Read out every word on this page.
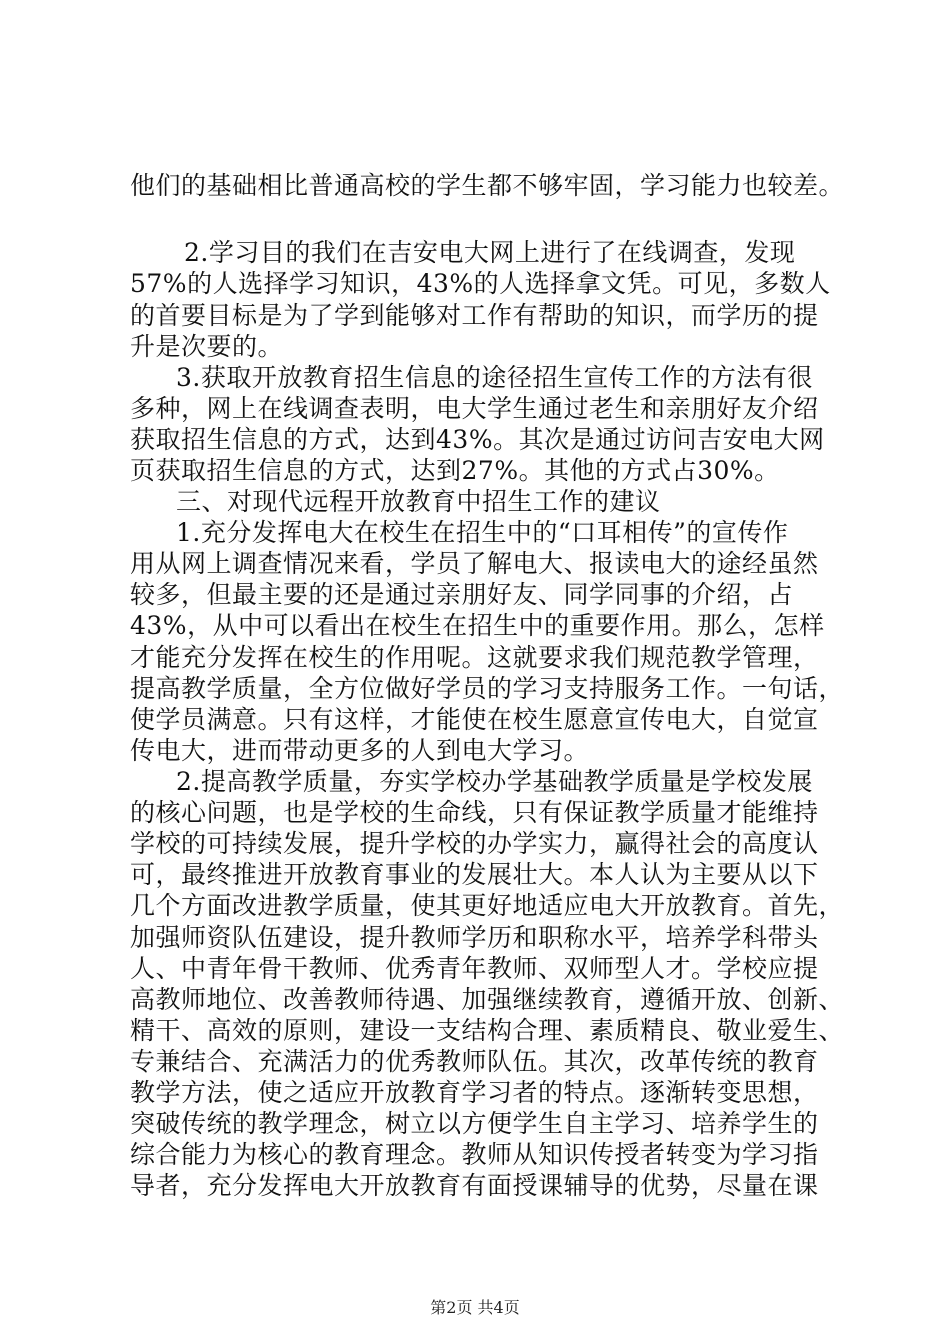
他们的基础相比普通高校的学生都不够牢固，学习能力也较差。
2.学习目的我们在吉安电大网上进行了在线调查，发现
57%的人选择学习知识，43%的人选择拿文凭。可见，多数人
的首要目标是为了学到能够对工作有帮助的知识，而学历的提
升是次要的。
3.获取开放教育招生信息的途径招生宣传工作的方法有很
多种，网上在线调查表明，电大学生通过老生和亲朋好友介绍
获取招生信息的方式，达到43%。其次是通过访问吉安电大网
页获取招生信息的方式，达到27%。其他的方式占30%。
三、对现代远程开放教育中招生工作的建议
1.充分发挥电大在校生在招生中的“口耳相传”的宣传作
用从网上调查情况来看，学员了解电大、报读电大的途经虽然
较多，但最主要的还是通过亲朋好友、同学同事的介绍，占
43%，从中可以看出在校生在招生中的重要作用。那么，怎样
才能充分发挥在校生的作用呢。这就要求我们规范教学管理，
提高教学质量，全方位做好学员的学习支持服务工作。一句话，
使学员满意。只有这样，才能使在校生愿意宣传电大，自觉宣
传电大，进而带动更多的人到电大学习。
2.提高教学质量，夯实学校办学基础教学质量是学校发展
的核心问题，也是学校的生命线，只有保证教学质量才能维持
学校的可持续发展，提升学校的办学实力，赢得社会的高度认
可，最终推进开放教育事业的发展壮大。本人认为主要从以下
几个方面改进教学质量，使其更好地适应电大开放教育。首先，
加强师资队伍建设，提升教师学历和职称水平，培养学科带头
人、中青年骨干教师、优秀青年教师、双师型人才。学校应提
高教师地位、改善教师待遇、加强继续教育，遵循开放、创新、
精干、高效的原则，建设一支结构合理、素质精良、敬业爱生、
专兼结合、充满活力的优秀教师队伍。其次，改革传统的教育
教学方法，使之适应开放教育学习者的特点。逐渐转变思想，
突破传统的教学理念，树立以方便学生自主学习、培养学生的
综合能力为核心的教育理念。教师从知识传授者转变为学习指
导者，充分发挥电大开放教育有面授课辅导的优势，尽量在课
第2页 共4页
